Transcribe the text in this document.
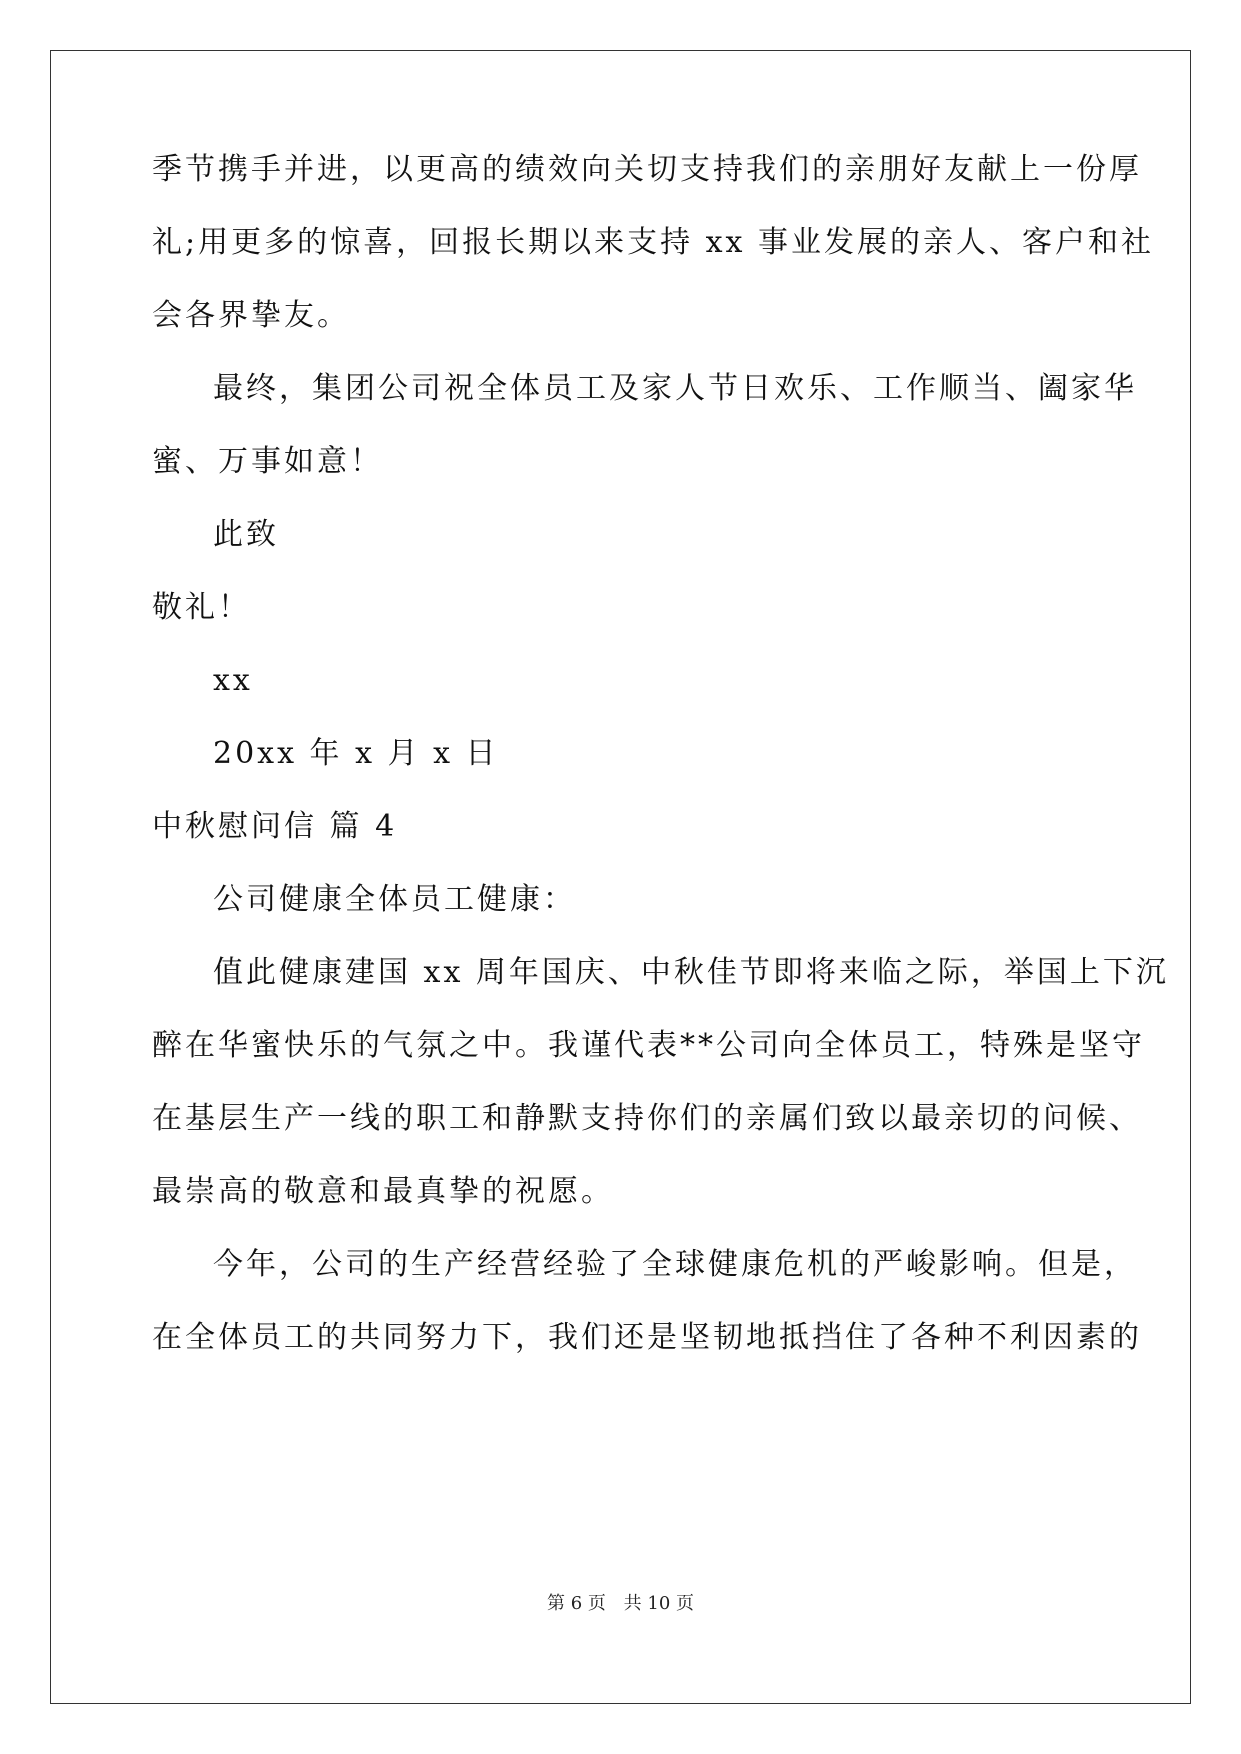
季节携手并进，以更高的绩效向关切支持我们的亲朋好友献上一份厚
礼;用更多的惊喜，回报长期以来支持 xx 事业发展的亲人、客户和社
会各界挚友。
最终，集团公司祝全体员工及家人节日欢乐、工作顺当、阖家华
蜜、万事如意！
此致
敬礼！
xx
20xx 年 x 月 x 日
中秋慰问信 篇 4
公司健康全体员工健康：
值此健康建国 xx 周年国庆、中秋佳节即将来临之际，举国上下沉
醉在华蜜快乐的气氛之中。我谨代表**公司向全体员工，特殊是坚守
在基层生产一线的职工和静默支持你们的亲属们致以最亲切的问候、
最崇高的敬意和最真挚的祝愿。
今年，公司的生产经营经验了全球健康危机的严峻影响。但是，
在全体员工的共同努力下，我们还是坚韧地抵挡住了各种不利因素的
第 6 页 共 10 页
